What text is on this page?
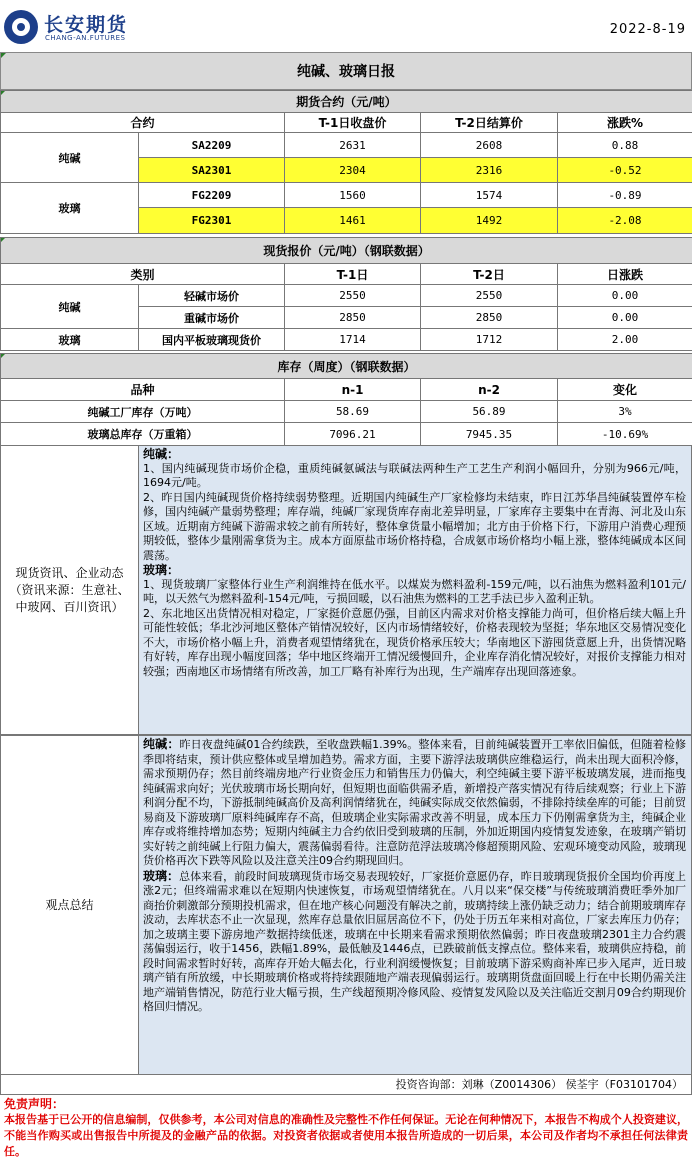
长安期货
CHANG-AN.FUTURES
2022-8-19
纯碱、玻璃日报
期货合约（元/吨）				
合约		T-1日收盘价	T-2日结算价	涨跌%
纯碱	SA2209	2631	2608	0.88
	SA2301	2304	2316	-0.52
玻璃	FG2209	1560	1574	-0.89
	FG2301	1461	1492	-2.08
现货报价（元/吨）（钢联数据）				
类别		T-1日	T-2日	日涨跌
纯碱	轻碱市场价	2550	2550	0.00
	重碱市场价	2850	2850	0.00
玻璃	国内平板玻璃现货价	1714	1712	2.00
库存（周度）（钢联数据）			
品种	n-1	n-2	变化
纯碱工厂库存（万吨）	58.69	56.89	3%
玻璃总库存（万重箱）	7096.21	7945.35	-10.69%
现货资讯、企业动态
（资讯来源：生意社、
中玻网、百川资讯）

纯碱：

1、国内纯碱现货市场价企稳，重质纯碱氨碱法与联碱法两种生产工艺生产利润小幅回升，分别为966元/吨，1694元/吨。

2、昨日国内纯碱现货价格持续弱势整理。近期国内纯碱生产厂家检修均未结束，昨日江苏华昌纯碱装置停车检修，国内纯碱产量弱势整理；库存端，纯碱厂家现货库存南北差异明显，厂家库存主要集中在青海、河北及山东区域。近期南方纯碱下游需求较之前有所转好，整体拿货量小幅增加；北方由于价格下行，下游用户消费心理预期较低，整体少量刚需拿货为主。成本方面原盐市场价格持稳，合成氨市场价格均小幅上涨，整体纯碱成本区间震荡。

玻璃：

1、现货玻璃厂家整体行业生产利润维持在低水平。以煤炭为燃料盈利-159元/吨，以石油焦为燃料盈利101元/吨，以天然气为燃料盈利-154元/吨，亏损回暖，以石油焦为燃料的工艺手法已步入盈利正轨。

2、东北地区出货情况相对稳定，厂家挺价意愿仍强，目前区内需求对价格支撑能力尚可，但价格后续大幅上升可能性较低；华北沙河地区整体产销情况较好，区内市场情绪较好，价格表现较为坚挺；华东地区交易情况变化不大，市场价格小幅上升，消费者观望情绪犹在，现货价格承压较大；华南地区下游囤货意愿上升，出货情况略有好转，库存出现小幅度回落；华中地区终端开工情况缓慢回升，企业库存消化情况较好，对报价支撑能力相对较强；西南地区市场情绪有所改善，加工厂略有补库行为出现，生产端库存出现回落迹象。

观点总结

纯碱：昨日夜盘纯碱01合约续跌，至收盘跌幅1.39%。整体来看，目前纯碱装置开工率依旧偏低，但随着检修季即将结束，预计供应整体或呈增加趋势。需求方面，主要下游浮法玻璃供应维稳运行，尚未出现大面积冷修，需求预期仍存；然目前终端房地产行业资金压力和销售压力仍偏大，利空纯碱主要下游平板玻璃发展，进而拖曳纯碱需求向好；光伏玻璃市场长期向好，但短期也面临供需矛盾，新增投产落实情况有待后续观察；行业上下游利润分配不均，下游抵制纯碱高价及高利润情绪犹在，纯碱实际成交依然偏弱，不排除持续垒库的可能；目前贸易商及下游玻璃厂原料纯碱库存不高，但玻璃企业实际需求改善不明显，成本压力下仍刚需拿货为主，纯碱企业库存或将维持增加态势；短期内纯碱主力合约依旧受到玻璃的压制，外加近期国内疫情复发迹象，在玻璃产销切实好转之前纯碱上行阻力偏大，震荡偏弱看待。注意防范浮法玻璃冷修超预期风险、宏观环境变动风险，玻璃现货价格再次下跌等风险以及注意关注09合约期现回归。

玻璃：总体来看，前段时间玻璃现货市场交易表现较好，厂家挺价意愿仍存，昨日玻璃现货报价全国均价再度上涨2元；但终端需求难以在短期内快速恢复，市场观望情绪犹在。八月以来“保交楼”与传统玻璃消费旺季外加厂商抬价刺激部分预期投机需求，但在地产核心问题没有解决之前，玻璃持续上涨仍缺乏动力；结合前期玻璃库存波动，去库状态不止一次显现，然库存总量依旧屈居高位不下，仍处于历五年来相对高位，厂家去库压力仍存；加之玻璃主要下游房地产数据持续低迷，玻璃在中长期来看需求预期依然偏弱；昨日夜盘玻璃2301主力合约震荡偏弱运行，收于1456，跌幅1.89%，最低触及1446点，已跌破前低支撑点位。整体来看，玻璃供应持稳，前段时间需求暂时好转，高库存开始大幅去化，行业利润缓慢恢复；目前玻璃下游采购商补库已步入尾声，近日玻璃产销有所放缓，中长期玻璃价格或将持续跟随地产端表现偏弱运行。玻璃期货盘面回暖上行在中长期仍需关注地产端销售情况，防范行业大幅亏损，生产线超预期冷修风险、疫情复发风险以及关注临近交割月09合约期现价格回归情况。

投资咨询部：刘琳（Z0014306） 侯荃宇（F03101704）
免责声明：
本报告基于已公开的信息编制，仅供参考，本公司对信息的准确性及完整性不作任何保证。无论在何种情况下，本报告不构成个人投资建议，不能当作购买或出售报告中所提及的金融产品的依据。对投资者依据或者使用本报告所造成的一切后果，本公司及作者均不承担任何法律责任。
